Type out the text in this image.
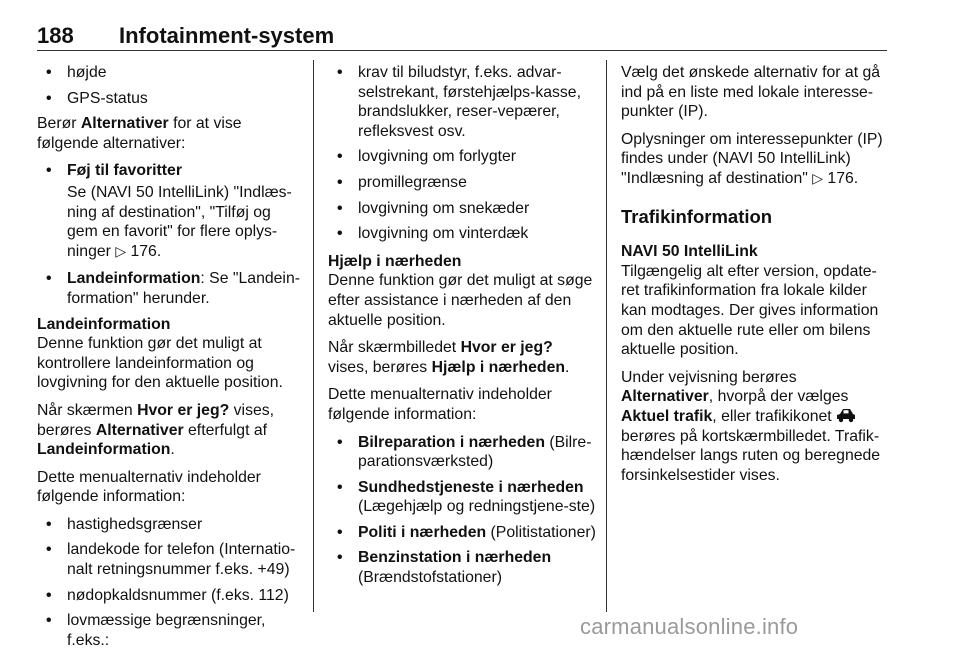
188 Infotainment-system
• højde
• GPS-status

Berør Alternativer for at vise følgende alternativer:

• Føj til favoritter

Se (NAVI 50 IntelliLink) "Indlæs-ning af destination", "Tilføj og gem en favorit" for flere oplys-ninger ▷ 176.

• Landeinformation: Se "Landein-formation" herunder.

Landeinformation

Denne funktion gør det muligt at kontrollere landeinformation og lovgivning for den aktuelle position.

Når skærmen Hvor er jeg? vises, berøres Alternativer efterfulgt af Landeinformation.

Dette menualternativ indeholder følgende information:

• hastighedsgrænser
• landekode for telefon (Internatio-nalt retningsnummer f.eks. +49)
• nødopkaldsnummer (f.eks. 112)
• lovmæssige begrænsninger, f.eks.:
• krav til biludstyr, f.eks. advar-selstrekant, førstehjælps-kasse, brandslukker, reser-vepærer, refleksvest osv.
• lovgivning om forlygter
• promillegrænse
• lovgivning om snekæder
• lovgivning om vinterdæk

Hjælp i nærheden

Denne funktion gør det muligt at søge efter assistance i nærheden af den aktuelle position.

Når skærmbilledet Hvor er jeg? vises, berøres Hjælp i nærheden.

Dette menualternativ indeholder følgende information:

• Bilreparation i nærheden (Bilre-parationsværksted)
• Sundhedstjeneste i nærheden (Lægehjælp og redningstjene-ste)
• Politi i nærheden (Politistationer)
• Benzinstation i nærheden (Brændstofstationer)

Vælg det ønskede alternativ for at gå ind på en liste med lokale interesse-punkter (IP).

Oplysninger om interessepunkter (IP) findes under (NAVI 50 IntelliLink) "Indlæsning af destination" ▷ 176.

Trafikinformation

NAVI 50 IntelliLink

Tilgængelig alt efter version, opdate-ret trafikinformation fra lokale kilder kan modtages. Der gives information om den aktuelle rute eller om bilens aktuelle position.

Under vejvisning berøres
Alternativer, hvorpå der vælges
Aktuel trafik, eller trafikikonet
berøres på kortskærmbilledet. Trafik-hændelser langs ruten og beregnede forsinkelsestider vises.

carmanualsonline.info
